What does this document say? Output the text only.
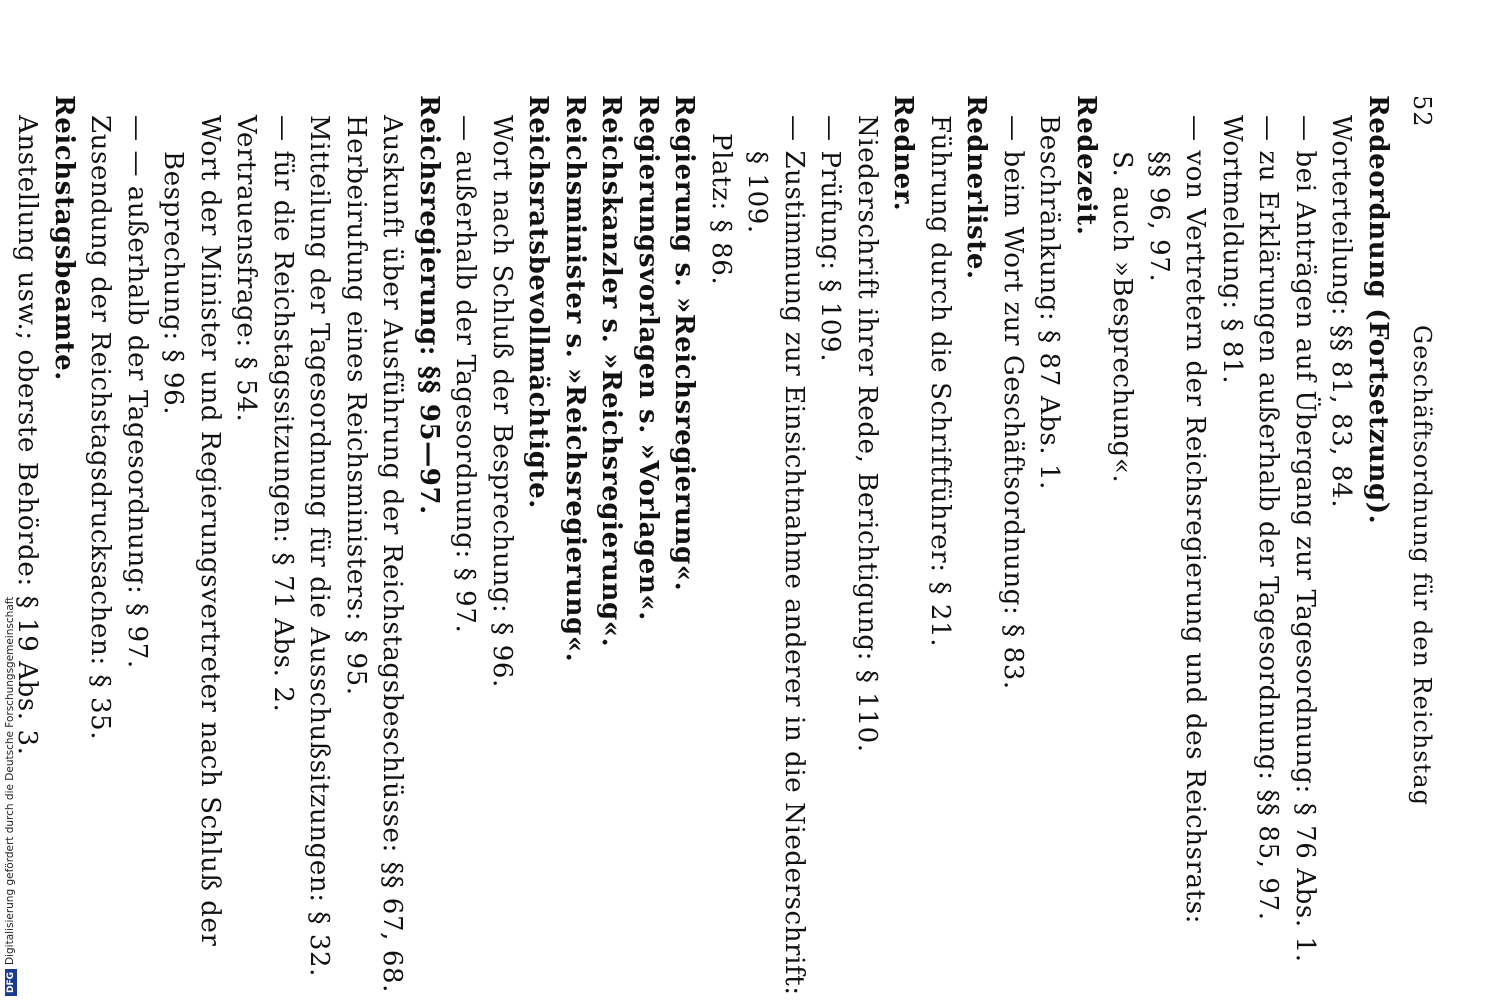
52
Geschäftsordnung für den Reichstag
Redeordnung (Fortsetzung).
Worterteilung: §§ 81, 83, 84.
— bei Anträgen auf Übergang zur Tagesordnung: § 76 Abs. 1.
— zu Erklärungen außerhalb der Tagesordnung: §§ 85, 97.
Wortmeldung: § 81.
— von Vertretern der Reichsregierung und des Reichsrats:
§§ 96, 97.
S. auch »Besprechung«.
Redezeit.
Beschränkung: § 87 Abs. 1.
— beim Wort zur Geschäftsordnung: § 83.
Rednerliste.
Führung durch die Schriftführer: § 21.
Redner.
Niederschrift ihrer Rede, Berichtigung: § 110.
— Prüfung: § 109.
— Zustimmung zur Einsichtnahme anderer in die Niederschrift:
§ 109.
Platz: § 86.
Regierung s. »Reichsregierung«.
Regierungsvorlagen s. »Vorlagen«.
Reichskanzler s. »Reichsregierung«.
Reichsminister s. »Reichsregierung«.
Reichsratsbevollmächtigte.
Wort nach Schluß der Besprechung: § 96.
— außerhalb der Tagesordnung: § 97.
Reichsregierung: §§ 95—97.
Auskunft über Ausführung der Reichstagsbeschlüsse: §§ 67, 68.
Herbeirufung eines Reichsministers: § 95.
Mitteilung der Tagesordnung für die Ausschußsitzungen: § 32.
— für die Reichstagssitzungen: § 71 Abs. 2.
Vertrauensfrage: § 54.
Wort der Minister und Regierungsvertreter nach Schluß der
Besprechung: § 96.
— — außerhalb der Tagesordnung: § 97.
Zusendung der Reichstagsdrucksachen: § 35.
Reichstagsbeamte.
Anstellung usw.; oberste Behörde: § 19 Abs. 3.
DFGDigitalisierung gefördert durch die Deutsche Forschungsgemeinschaft
